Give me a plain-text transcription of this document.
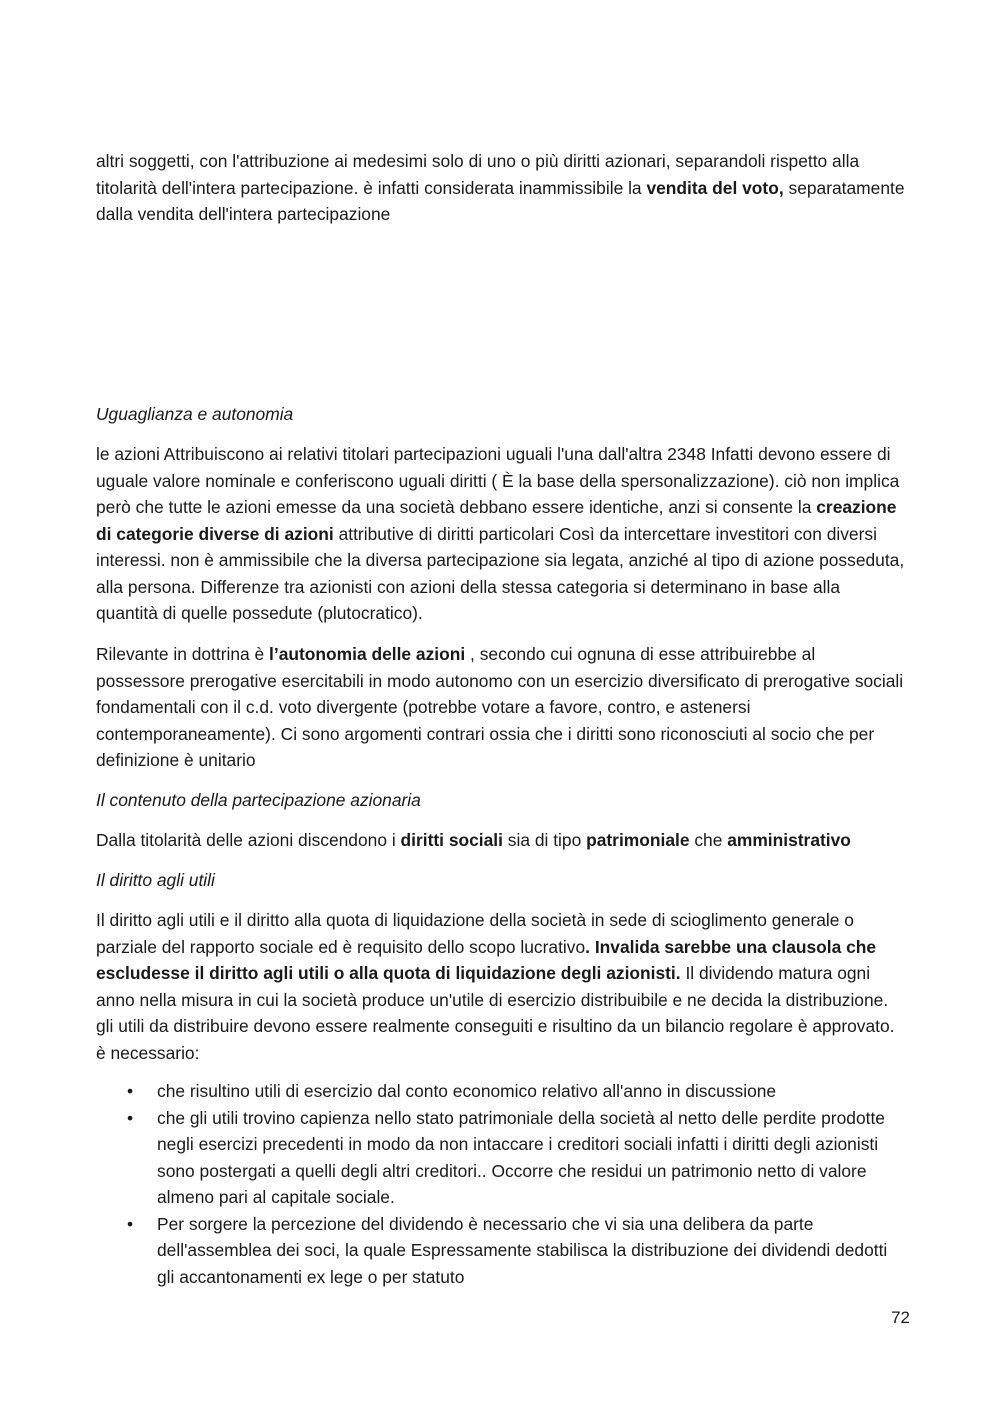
altri soggetti, con l'attribuzione ai medesimi solo di uno o più diritti azionari, separandoli rispetto alla titolarità dell'intera partecipazione. è infatti considerata inammissibile la vendita del voto, separatamente dalla vendita dell'intera partecipazione

Uguaglianza e autonomia

le azioni Attribuiscono ai relativi titolari partecipazioni uguali l'una dall'altra 2348 Infatti devono essere di uguale valore nominale e conferiscono uguali diritti ( È la base della spersonalizzazione). ciò non implica però che tutte le azioni emesse da una società debbano essere identiche, anzi si consente la creazione di categorie diverse di azioni attributive di diritti particolari Così da intercettare investitori con diversi interessi. non è ammissibile che la diversa partecipazione sia legata, anziché al tipo di azione posseduta, alla persona. Differenze tra azionisti con azioni della stessa categoria si determinano in base alla quantità di quelle possedute (plutocratico).

Rilevante in dottrina è l’autonomia delle azioni , secondo cui ognuna di esse attribuirebbe al possessore prerogative esercitabili in modo autonomo con un esercizio diversificato di prerogative sociali fondamentali con il c.d. voto divergente (potrebbe votare a favore, contro, e astenersi contemporaneamente). Ci sono argomenti contrari ossia che i diritti sono riconosciuti al socio che per definizione è unitario

Il contenuto della partecipazione azionaria

Dalla titolarità delle azioni discendono i diritti sociali sia di tipo patrimoniale che amministrativo

Il diritto agli utili

Il diritto agli utili e il diritto alla quota di liquidazione della società in sede di scioglimento generale o parziale del rapporto sociale ed è requisito dello scopo lucrativo. Invalida sarebbe una clausola che escludesse il diritto agli utili o alla quota di liquidazione degli azionisti. Il dividendo matura ogni anno nella misura in cui la società produce un'utile di esercizio distribuibile e ne decida la distribuzione. gli utili da distribuire devono essere realmente conseguiti e risultino da un bilancio regolare è approvato. è necessario:

• che risultino utili di esercizio dal conto economico relativo all'anno in discussione
• che gli utili trovino capienza nello stato patrimoniale della società al netto delle perdite prodotte negli esercizi precedenti in modo da non intaccare i creditori sociali infatti i diritti degli azionisti sono postergati a quelli degli altri creditori.. Occorre che residui un patrimonio netto di valore almeno pari al capitale sociale.
• Per sorgere la percezione del dividendo è necessario che vi sia una delibera da parte dell'assemblea dei soci, la quale Espressamente stabilisca la distribuzione dei dividendi dedotti gli accantonamenti ex lege o per statuto
72
